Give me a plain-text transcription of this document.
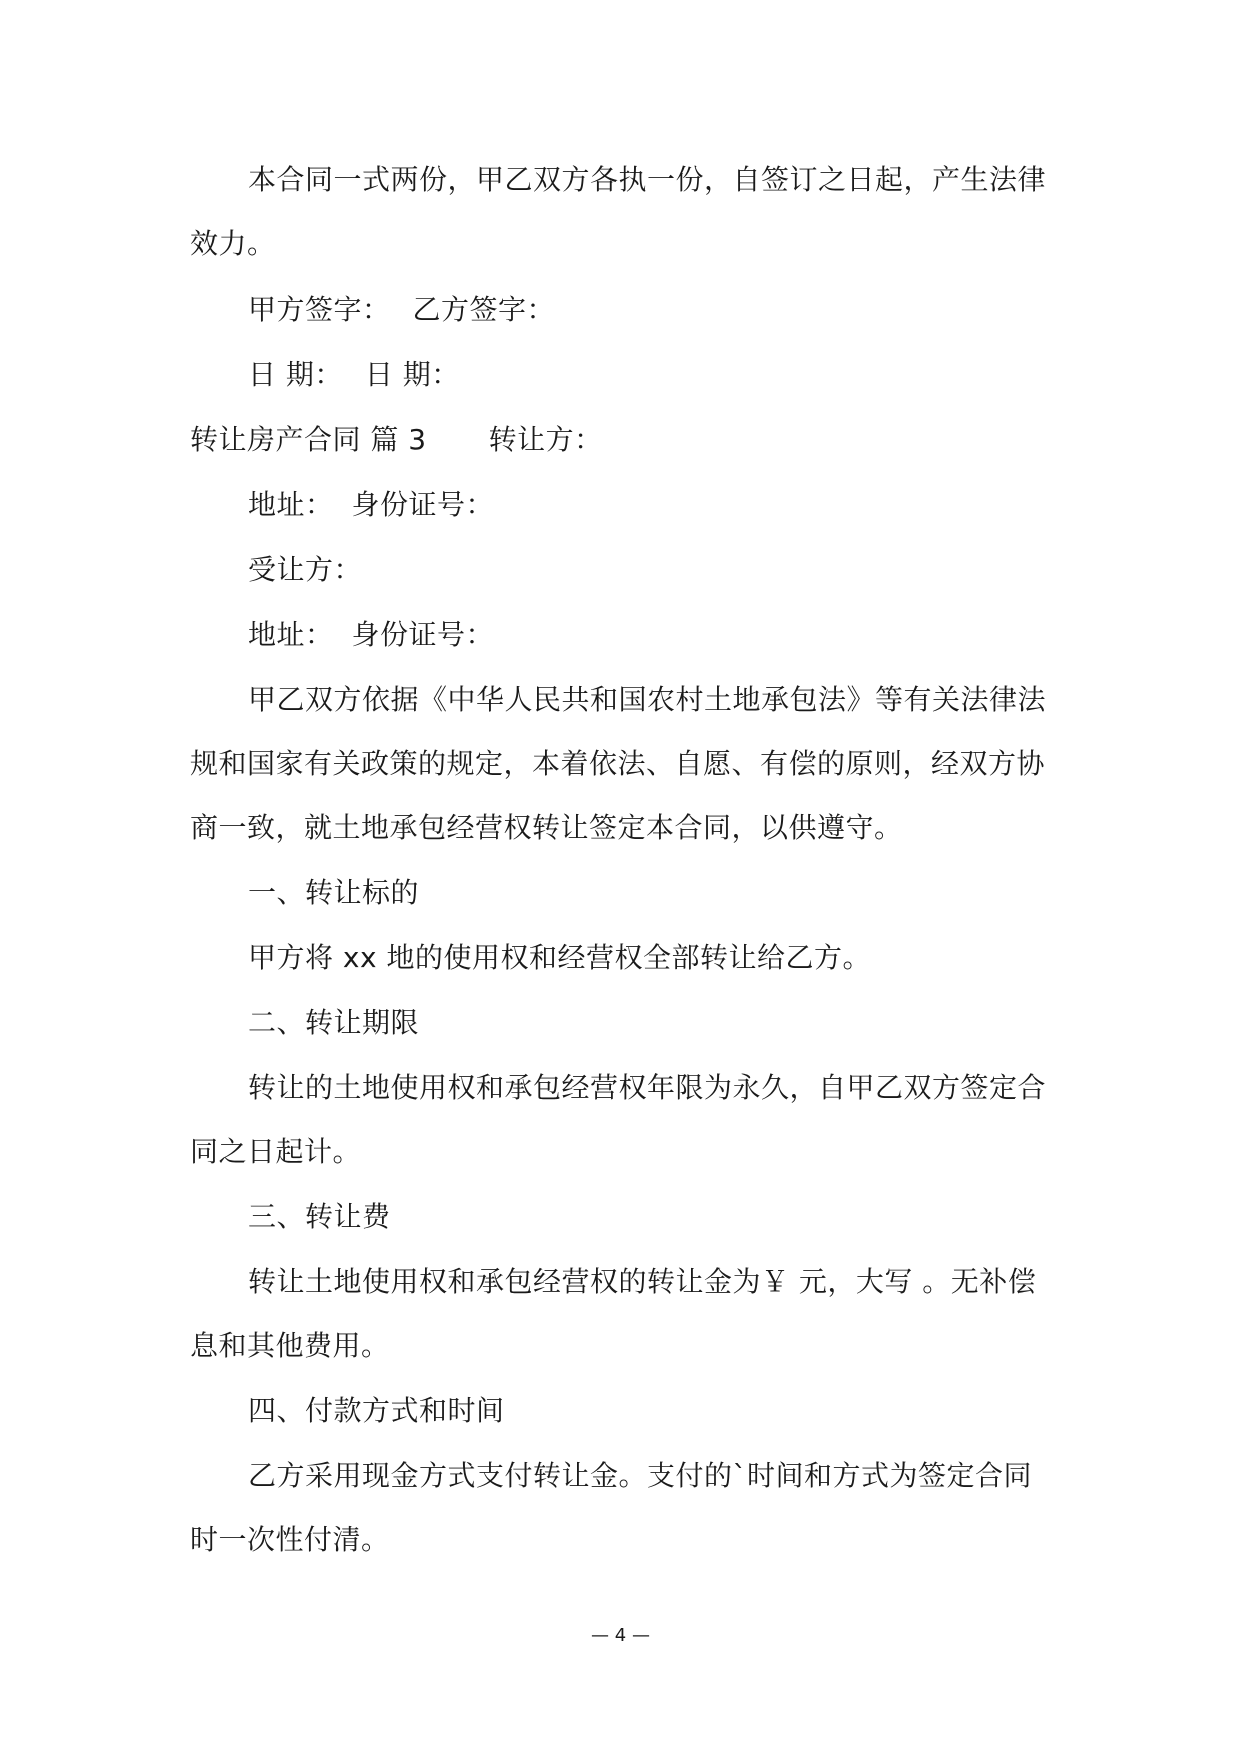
本合同一式两份，甲乙双方各执一份，自签订之日起，产生法律
效力。
甲方签字： 乙方签字：
日 期： 日 期：
转让房产合同 篇 3 转让方：
地址： 身份证号：
受让方：
地址： 身份证号：
甲乙双方依据《中华人民共和国农村土地承包法》等有关法律法
规和国家有关政策的规定，本着依法、自愿、有偿的原则，经双方协
商一致，就土地承包经营权转让签定本合同，以供遵守。
一、转让标的
甲方将 xx 地的使用权和经营权全部转让给乙方。
二、转让期限
转让的土地使用权和承包经营权年限为永久，自甲乙双方签定合
同之日起计。
三、转让费
转让土地使用权和承包经营权的转让金为￥ 元，大写 。无补偿
息和其他费用。
四、付款方式和时间
乙方采用现金方式支付转让金。支付的`时间和方式为签定合同
时一次性付清。
— 4 —
